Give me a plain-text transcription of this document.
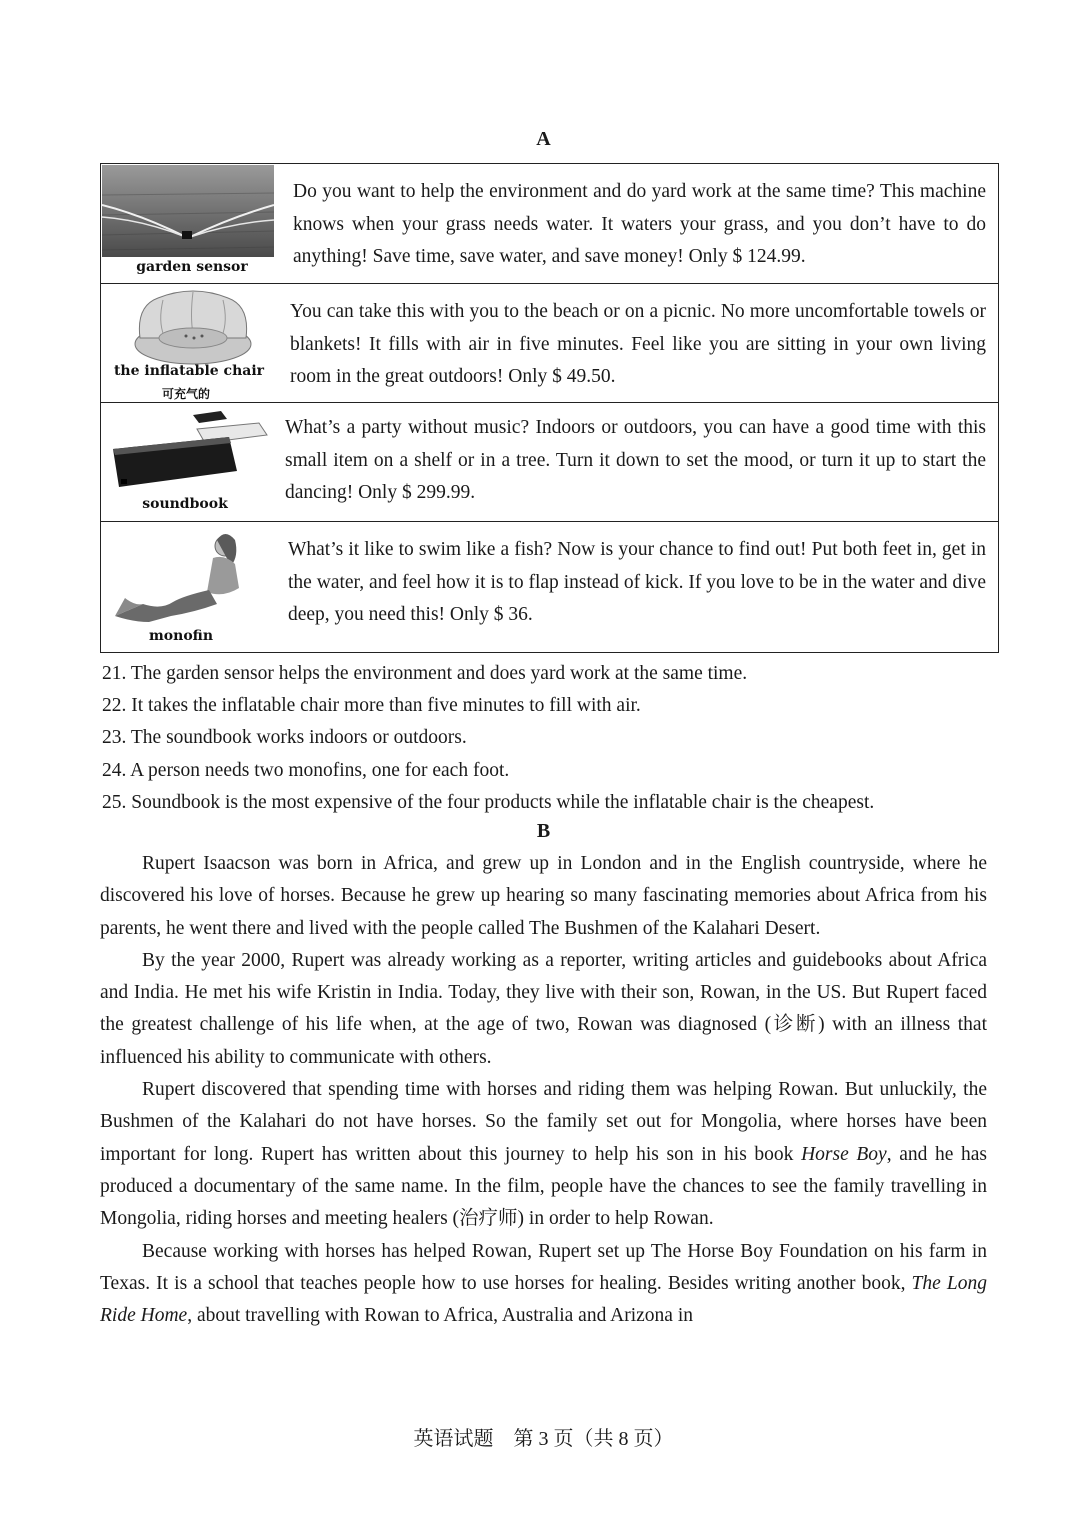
A
garden sensor
Do you want to help the environment and do yard work at the same time? This machine knows when your grass needs water. It waters your grass, and you don’t have to do anything! Save time, save water, and save money! Only $ 124.99.
the inflatable chair
可充气的
You can take this with you to the beach or on a picnic. No more uncomfortable towels or blankets! It fills with air in five minutes. Feel like you are sitting in your own living room in the great outdoors! Only $ 49.50.
soundbook
What’s a party without music? Indoors or outdoors, you can have a good time with this small item on a shelf or in a tree. Turn it down to set the mood, or turn it up to start the dancing! Only $ 299.99.
monofin
What’s it like to swim like a fish? Now is your chance to find out! Put both feet in, get in the water, and feel how it is to flap instead of kick. If you love to be in the water and dive deep, you need this! Only $ 36.
21. The garden sensor helps the environment and does yard work at the same time.
22. It takes the inflatable chair more than five minutes to fill with air.
23. The soundbook works indoors or outdoors.
24. A person needs two monofins, one for each foot.
25. Soundbook is the most expensive of the four products while the inflatable chair is the cheapest.
B

Rupert Isaacson was born in Africa, and grew up in London and in the English countryside, where he discovered his love of horses. Because he grew up hearing so many fascinating memories about Africa from his parents, he went there and lived with the people called The Bushmen of the Kalahari Desert.

By the year 2000, Rupert was already working as a reporter, writing articles and guidebooks about Africa and India. He met his wife Kristin in India. Today, they live with their son, Rowan, in the US. But Rupert faced the greatest challenge of his life when, at the age of two, Rowan was diagnosed (诊断) with an illness that influenced his ability to communicate with others.

Rupert discovered that spending time with horses and riding them was helping Rowan. But unluckily, the Bushmen of the Kalahari do not have horses. So the family set out for Mongolia, where horses have been important for long. Rupert has written about this journey to help his son in his book Horse Boy, and he has produced a documentary of the same name. In the film, people have the chances to see the family travelling in Mongolia, riding horses and meeting healers (治疗师) in order to help Rowan.

Because working with horses has helped Rowan, Rupert set up The Horse Boy Foundation on his farm in Texas. It is a school that teaches people how to use horses for healing. Besides writing another book, The Long Ride Home, about travelling with Rowan to Africa, Australia and Arizona in

英语试题　第 3 页（共 8 页）
